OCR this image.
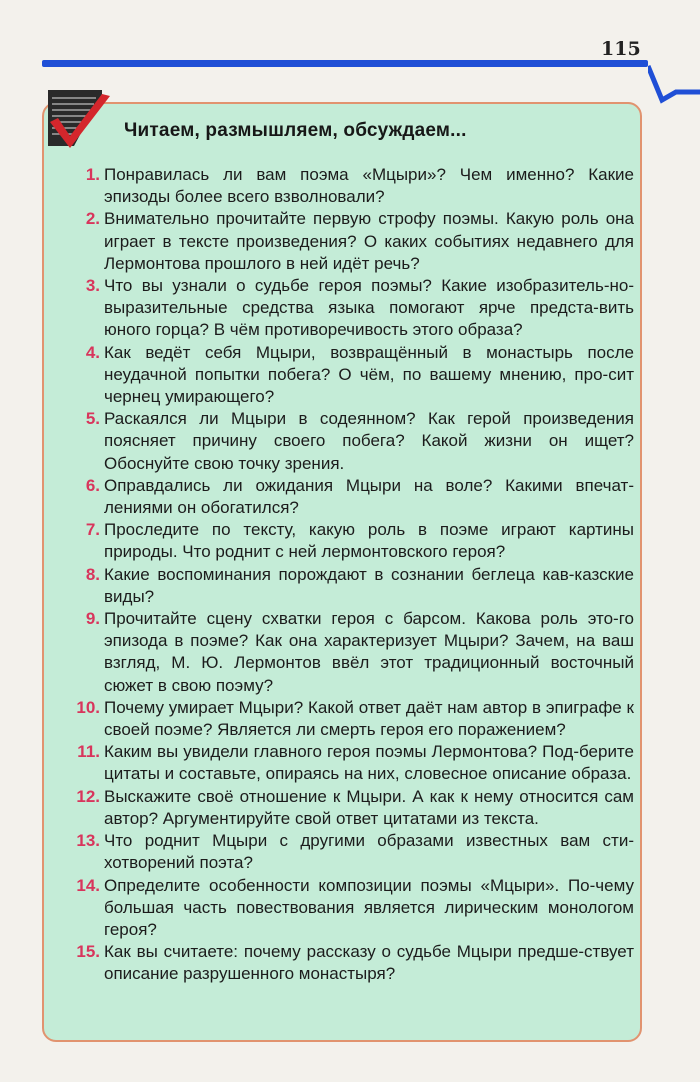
115
Читаем, размышляем, обсуждаем...
1. Понравилась ли вам поэма «Мцыри»? Чем именно? Какие эпизоды более всего взволновали?
2. Внимательно прочитайте первую строфу поэмы. Какую роль она играет в тексте произведения? О каких событиях недавнего для Лермонтова прошлого в ней идёт речь?
3. Что вы узнали о судьбе героя поэмы? Какие изобразитель-но-выразительные средства языка помогают ярче предста-вить юного горца? В чём противоречивость этого образа?
4. Как ведёт себя Мцыри, возвращённый в монастырь после неудачной попытки побега? О чём, по вашему мнению, про-сит чернец умирающего?
5. Раскаялся ли Мцыри в содеянном? Как герой произведения поясняет причину своего побега? Какой жизни он ищет? Обоснуйте свою точку зрения.
6. Оправдались ли ожидания Мцыри на воле? Какими впечат-лениями он обогатился?
7. Проследите по тексту, какую роль в поэме играют картины природы. Что роднит с ней лермонтовского героя?
8. Какие воспоминания порождают в сознании беглеца кав-казские виды?
9. Прочитайте сцену схватки героя с барсом. Какова роль это-го эпизода в поэме? Как она характеризует Мцыри? Зачем, на ваш взгляд, М. Ю. Лермонтов ввёл этот традиционный восточный сюжет в свою поэму?
10. Почему умирает Мцыри? Какой ответ даёт нам автор в эпиграфе к своей поэме? Является ли смерть героя его поражением?
11. Каким вы увидели главного героя поэмы Лермонтова? Под-берите цитаты и составьте, опираясь на них, словесное описание образа.
12. Выскажите своё отношение к Мцыри. А как к нему относится сам автор? Аргументируйте свой ответ цитатами из текста.
13. Что роднит Мцыри с другими образами известных вам сти-хотворений поэта?
14. Определите особенности композиции поэмы «Мцыри». По-чему большая часть повествования является лирическим монологом героя?
15. Как вы считаете: почему рассказу о судьбе Мцыри предше-ствует описание разрушенного монастыря?
